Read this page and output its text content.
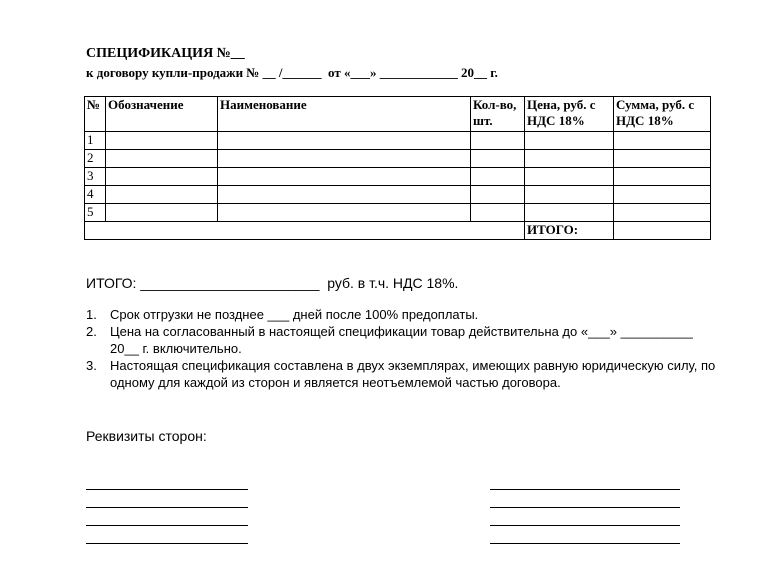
СПЕЦИФИКАЦИЯ №__
к договору купли-продажи № __ /______  от «___» ____________ 20__ г.
№	Обозначение	Наименование	Кол-во, шт.	Цена, руб. с НДС 18%	Сумма, руб. с НДС 18%
1					
2					
3					
4					
5					
				ИТОГО:	
ИТОГО: _______________________  руб. в т.ч. НДС 18%.
1. Срок отгрузки не позднее ___ дней после 100% предоплаты.
2. Цена на согласованный в настоящей спецификации товар действительна до «___» __________ 20__ г. включительно.
3. Настоящая спецификация составлена в двух экземплярах, имеющих равную юридическую силу, по одному для каждой из сторон и является неотъемлемой частью договора.
Реквизиты сторон:
